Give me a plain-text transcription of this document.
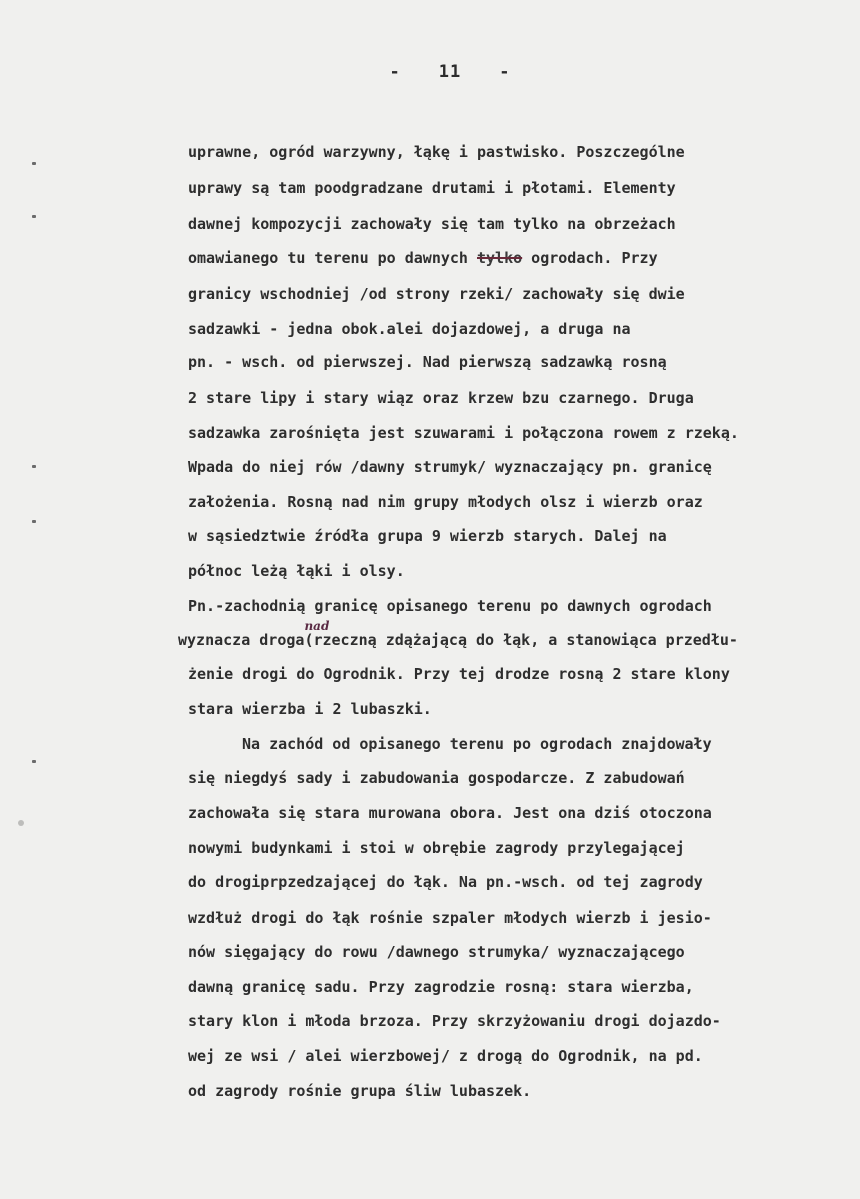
- 11 -
uprawne, ogród warzywny, łąkę i pastwisko. Poszczególne
uprawy są tam poodgradzane drutami i płotami. Elementy
dawnej kompozycji zachowały się tam tylko na obrzeżach
omawianego tu terenu po dawnych tylko ogrodach. Przy
granicy wschodniej /od strony rzeki/ zachowały się dwie
sadzawki - jedna obok.alei dojazdowej, a druga na
pn. - wsch. od pierwszej. Nad pierwszą sadzawką rosną
2 stare lipy i stary wiąz oraz krzew bzu czarnego. Druga
sadzawka zarośnięta jest szuwarami i połączona rowem z rzeką.
Wpada do niej rów /dawny strumyk/ wyznaczający pn. granicę
założenia. Rosną nad nim grupy młodych olsz i wierzb oraz
w sąsiedztwie źródła grupa 9 wierzb starych. Dalej na
północ leżą łąki i olsy.
Pn.-zachodnią granicę opisanego terenu po dawnych ogrodach
wyznacza droga
nad
(rzeczną zdążającą do łąk, a stanowiąca przedłu-
żenie drogi do Ogrodnik. Przy tej drodze rosną 2 stare klony
stara wierzba i 2 lubaszki.
Na zachód od opisanego terenu po ogrodach znajdowały
się niegdyś sady i zabudowania gospodarcze. Z zabudowań
zachowała się stara murowana obora. Jest ona dziś otoczona
nowymi budynkami i stoi w obrębie zagrody przylegającej
do drogiprpzedzającej do łąk. Na pn.-wsch. od tej zagrody
wzdłuż drogi do łąk rośnie szpaler młodych wierzb i jesio-
nów sięgający do rowu /dawnego strumyka/ wyznaczającego
dawną granicę sadu. Przy zagrodzie rosną: stara wierzba,
stary klon i młoda brzoza. Przy skrzyżowaniu drogi dojazdo-
wej ze wsi / alei wierzbowej/ z drogą do Ogrodnik, na pd.
od zagrody rośnie grupa śliw lubaszek.
